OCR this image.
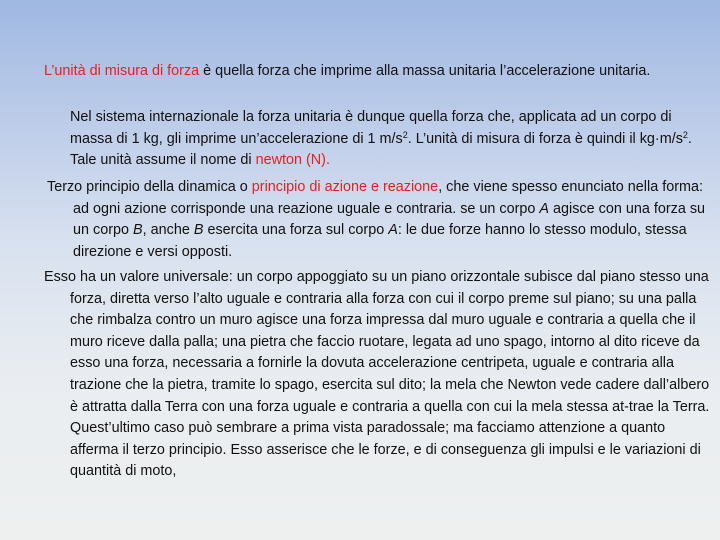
L’unità di misura di forza è quella forza che imprime alla massa unitaria l’accelerazione unitaria.

Nel sistema internazionale la forza unitaria è dunque quella forza che, applicata ad un corpo di massa di 1 kg, gli imprime un’accelerazione di 1 $m/s^2$. L’unità di misura di forza è quindi il $kg\cdot m/s^2$. Tale unità assume il nome di newton (N).

Terzo principio della dinamica o principio di azione e reazione, che viene spesso enunciato nella forma: ad ogni azione corrisponde una reazione uguale e contraria. se un corpo A agisce con una forza su un corpo B, anche B esercita una forza sul corpo A: le due forze hanno lo stesso modulo, stessa direzione e versi opposti.

Esso ha un valore universale: un corpo appoggiato su un piano orizzontale subisce dal piano stesso una forza, diretta verso l’alto uguale e contraria alla forza con cui il corpo preme sul piano; su una palla che rimbalza contro un muro agisce una forza impressa dal muro uguale e contraria a quella che il muro riceve dalla palla; una pietra che faccio ruotare, legata ad uno spago, intorno al dito riceve da esso una forza, necessaria a fornirle la dovuta accelerazione centripeta, uguale e contraria alla trazione che la pietra, tramite lo spago, esercita sul dito; la mela che Newton vede cadere dall’albero è attratta dalla Terra con una forza uguale e contraria a quella con cui la mela stessa at-trae la Terra. Quest’ultimo caso può sembrare a prima vista paradossale; ma facciamo attenzione a quanto afferma il terzo principio. Esso asserisce che le forze, e di conseguenza gli impulsi e le variazioni di quantità di moto,
